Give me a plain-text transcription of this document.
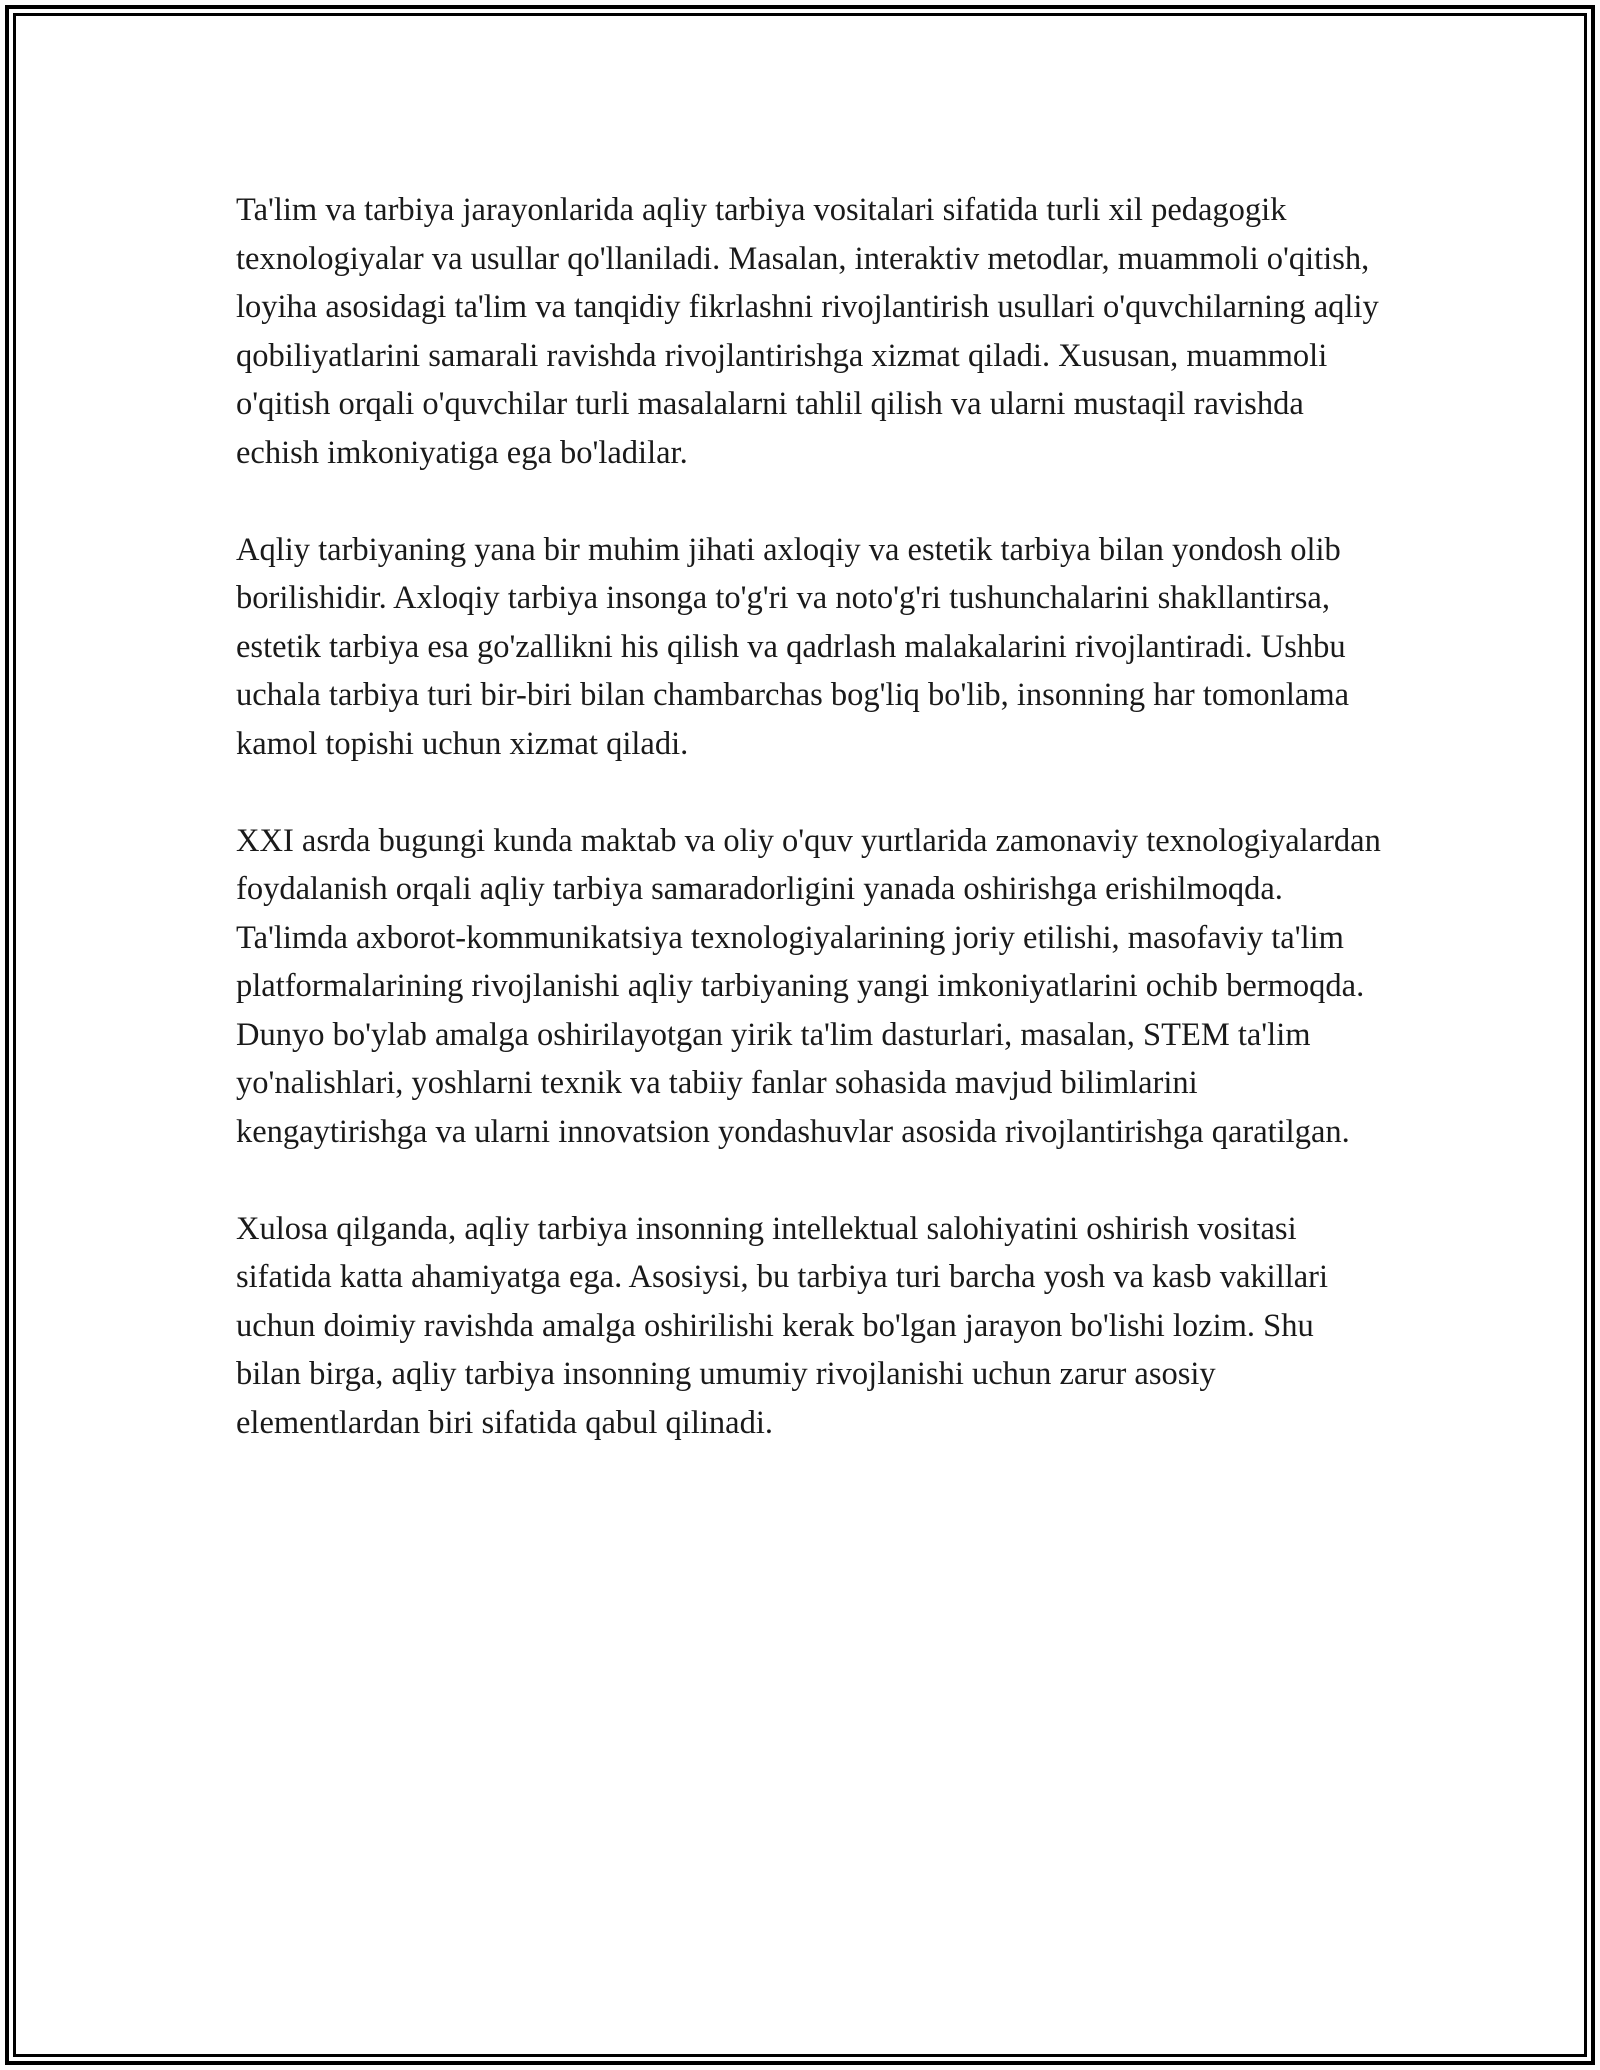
Ta'lim va tarbiya jarayonlarida aqliy tarbiya vositalari sifatida turli xil pedagogik texnologiyalar va usullar qo'llaniladi. Masalan, interaktiv metodlar, muammoli o'qitish, loyiha asosidagi ta'lim va tanqidiy fikrlashni rivojlantirish usullari o'quvchilarning aqliy qobiliyatlarini samarali ravishda rivojlantirishga xizmat qiladi. Xususan, muammoli o'qitish orqali o'quvchilar turli masalalarni tahlil qilish va ularni mustaqil ravishda echish imkoniyatiga ega bo'ladilar.

Aqliy tarbiyaning yana bir muhim jihati axloqiy va estetik tarbiya bilan yondosh olib borilishidir. Axloqiy tarbiya insonga to'g'ri va noto'g'ri tushunchalarini shakllantirsa, estetik tarbiya esa go'zallikni his qilish va qadrlash malakalarini rivojlantiradi. Ushbu uchala tarbiya turi bir-biri bilan chambarchas bog'liq bo'lib, insonning har tomonlama kamol topishi uchun xizmat qiladi.

XXI asrda bugungi kunda maktab va oliy o'quv yurtlarida zamonaviy texnologiyalardan foydalanish orqali aqliy tarbiya samaradorligini yanada oshirishga erishilmoqda. Ta'limda axborot-kommunikatsiya texnologiyalarining joriy etilishi, masofaviy ta'lim platformalarining rivojlanishi aqliy tarbiyaning yangi imkoniyatlarini ochib bermoqda. Dunyo bo'ylab amalga oshirilayotgan yirik ta'lim dasturlari, masalan, STEM ta'lim yo'nalishlari, yoshlarni texnik va tabiiy fanlar sohasida mavjud bilimlarini kengaytirishga va ularni innovatsion yondashuvlar asosida rivojlantirishga qaratilgan.

Xulosa qilganda, aqliy tarbiya insonning intellektual salohiyatini oshirish vositasi sifatida katta ahamiyatga ega. Asosiysi, bu tarbiya turi barcha yosh va kasb vakillari uchun doimiy ravishda amalga oshirilishi kerak bo'lgan jarayon bo'lishi lozim. Shu bilan birga, aqliy tarbiya insonning umumiy rivojlanishi uchun zarur asosiy elementlardan biri sifatida qabul qilinadi.
